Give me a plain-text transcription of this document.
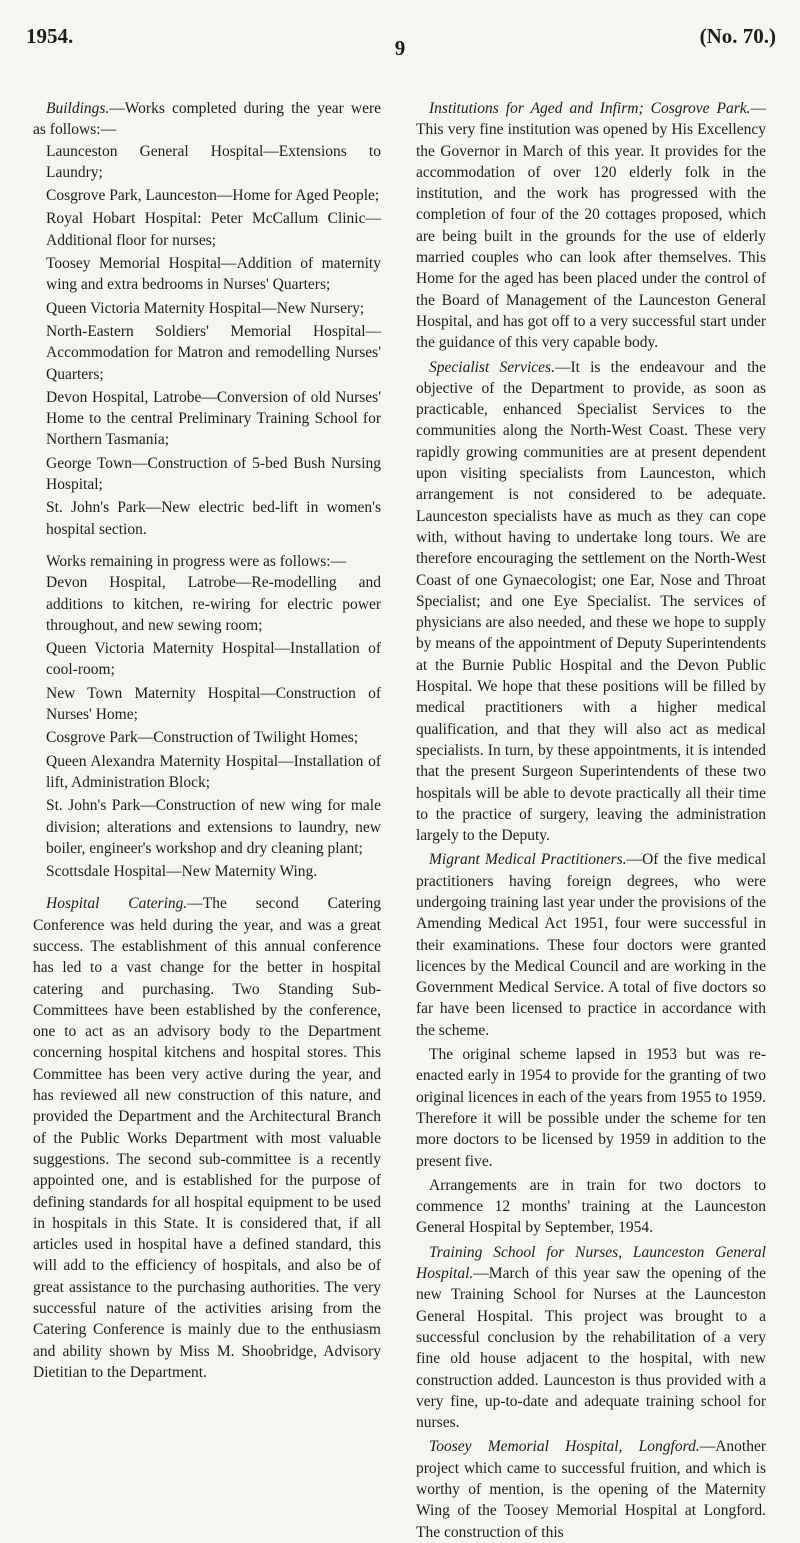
1954.	9	(No. 70.)

Buildings.—Works completed during the year were as follows:—

Launceston General Hospital—Extensions to Laundry;

Cosgrove Park, Launceston—Home for Aged People;

Royal Hobart Hospital: Peter McCallum Clinic—Additional floor for nurses;

Toosey Memorial Hospital—Addition of maternity wing and extra bedrooms in Nurses' Quarters;

Queen Victoria Maternity Hospital—New Nursery;

North-Eastern Soldiers' Memorial Hospital—Accommodation for Matron and remodelling Nurses' Quarters;

Devon Hospital, Latrobe—Conversion of old Nurses' Home to the central Preliminary Training School for Northern Tasmania;

George Town—Construction of 5-bed Bush Nursing Hospital;

St. John's Park—New electric bed-lift in women's hospital section.

Works remaining in progress were as follows:—

Devon Hospital, Latrobe—Re-modelling and additions to kitchen, re-wiring for electric power throughout, and new sewing room;

Queen Victoria Maternity Hospital—Installation of cool-room;

New Town Maternity Hospital—Construction of Nurses' Home;

Cosgrove Park—Construction of Twilight Homes;

Queen Alexandra Maternity Hospital—Installation of lift, Administration Block;

St. John's Park—Construction of new wing for male division; alterations and extensions to laundry, new boiler, engineer's workshop and dry cleaning plant;

Scottsdale Hospital—New Maternity Wing.

Hospital Catering.—The second Catering Conference was held during the year, and was a great success. The establishment of this annual conference has led to a vast change for the better in hospital catering and purchasing. Two Standing Sub-Committees have been established by the conference, one to act as an advisory body to the Department concerning hospital kitchens and hospital stores. This Committee has been very active during the year, and has reviewed all new construction of this nature, and provided the Department and the Architectural Branch of the Public Works Department with most valuable suggestions. The second sub-committee is a recently appointed one, and is established for the purpose of defining standards for all hospital equipment to be used in hospitals in this State. It is considered that, if all articles used in hospital have a defined standard, this will add to the efficiency of hospitals, and also be of great assistance to the purchasing authorities. The very successful nature of the activities arising from the Catering Conference is mainly due to the enthusiasm and ability shown by Miss M. Shoobridge, Advisory Dietitian to the Department.

Institutions for Aged and Infirm; Cosgrove Park.—This very fine institution was opened by His Excellency the Governor in March of this year. It provides for the accommodation of over 120 elderly folk in the institution, and the work has progressed with the completion of four of the 20 cottages proposed, which are being built in the grounds for the use of elderly married couples who can look after themselves. This Home for the aged has been placed under the control of the Board of Management of the Launceston General Hospital, and has got off to a very successful start under the guidance of this very capable body.

Specialist Services.—It is the endeavour and the objective of the Department to provide, as soon as practicable, enhanced Specialist Services to the communities along the North-West Coast. These very rapidly growing communities are at present dependent upon visiting specialists from Launceston, which arrangement is not considered to be adequate. Launceston specialists have as much as they can cope with, without having to undertake long tours. We are therefore encouraging the settlement on the North-West Coast of one Gynaecologist; one Ear, Nose and Throat Specialist; and one Eye Specialist. The services of physicians are also needed, and these we hope to supply by means of the appointment of Deputy Superintendents at the Burnie Public Hospital and the Devon Public Hospital. We hope that these positions will be filled by medical practitioners with a higher medical qualification, and that they will also act as medical specialists. In turn, by these appointments, it is intended that the present Surgeon Superintendents of these two hospitals will be able to devote practically all their time to the practice of surgery, leaving the administration largely to the Deputy.

Migrant Medical Practitioners.—Of the five medical practitioners having foreign degrees, who were undergoing training last year under the provisions of the Amending Medical Act 1951, four were successful in their examinations. These four doctors were granted licences by the Medical Council and are working in the Government Medical Service. A total of five doctors so far have been licensed to practice in accordance with the scheme.

The original scheme lapsed in 1953 but was re-enacted early in 1954 to provide for the granting of two original licences in each of the years from 1955 to 1959. Therefore it will be possible under the scheme for ten more doctors to be licensed by 1959 in addition to the present five.

Arrangements are in train for two doctors to commence 12 months' training at the Launceston General Hospital by September, 1954.

Training School for Nurses, Launceston General Hospital.—March of this year saw the opening of the new Training School for Nurses at the Launceston General Hospital. This project was brought to a successful conclusion by the rehabilitation of a very fine old house adjacent to the hospital, with new construction added. Launceston is thus provided with a very fine, up-to-date and adequate training school for nurses.

Toosey Memorial Hospital, Longford.—Another project which came to successful fruition, and which is worthy of mention, is the opening of the Maternity Wing of the Toosey Memorial Hospital at Longford. The construction of this
